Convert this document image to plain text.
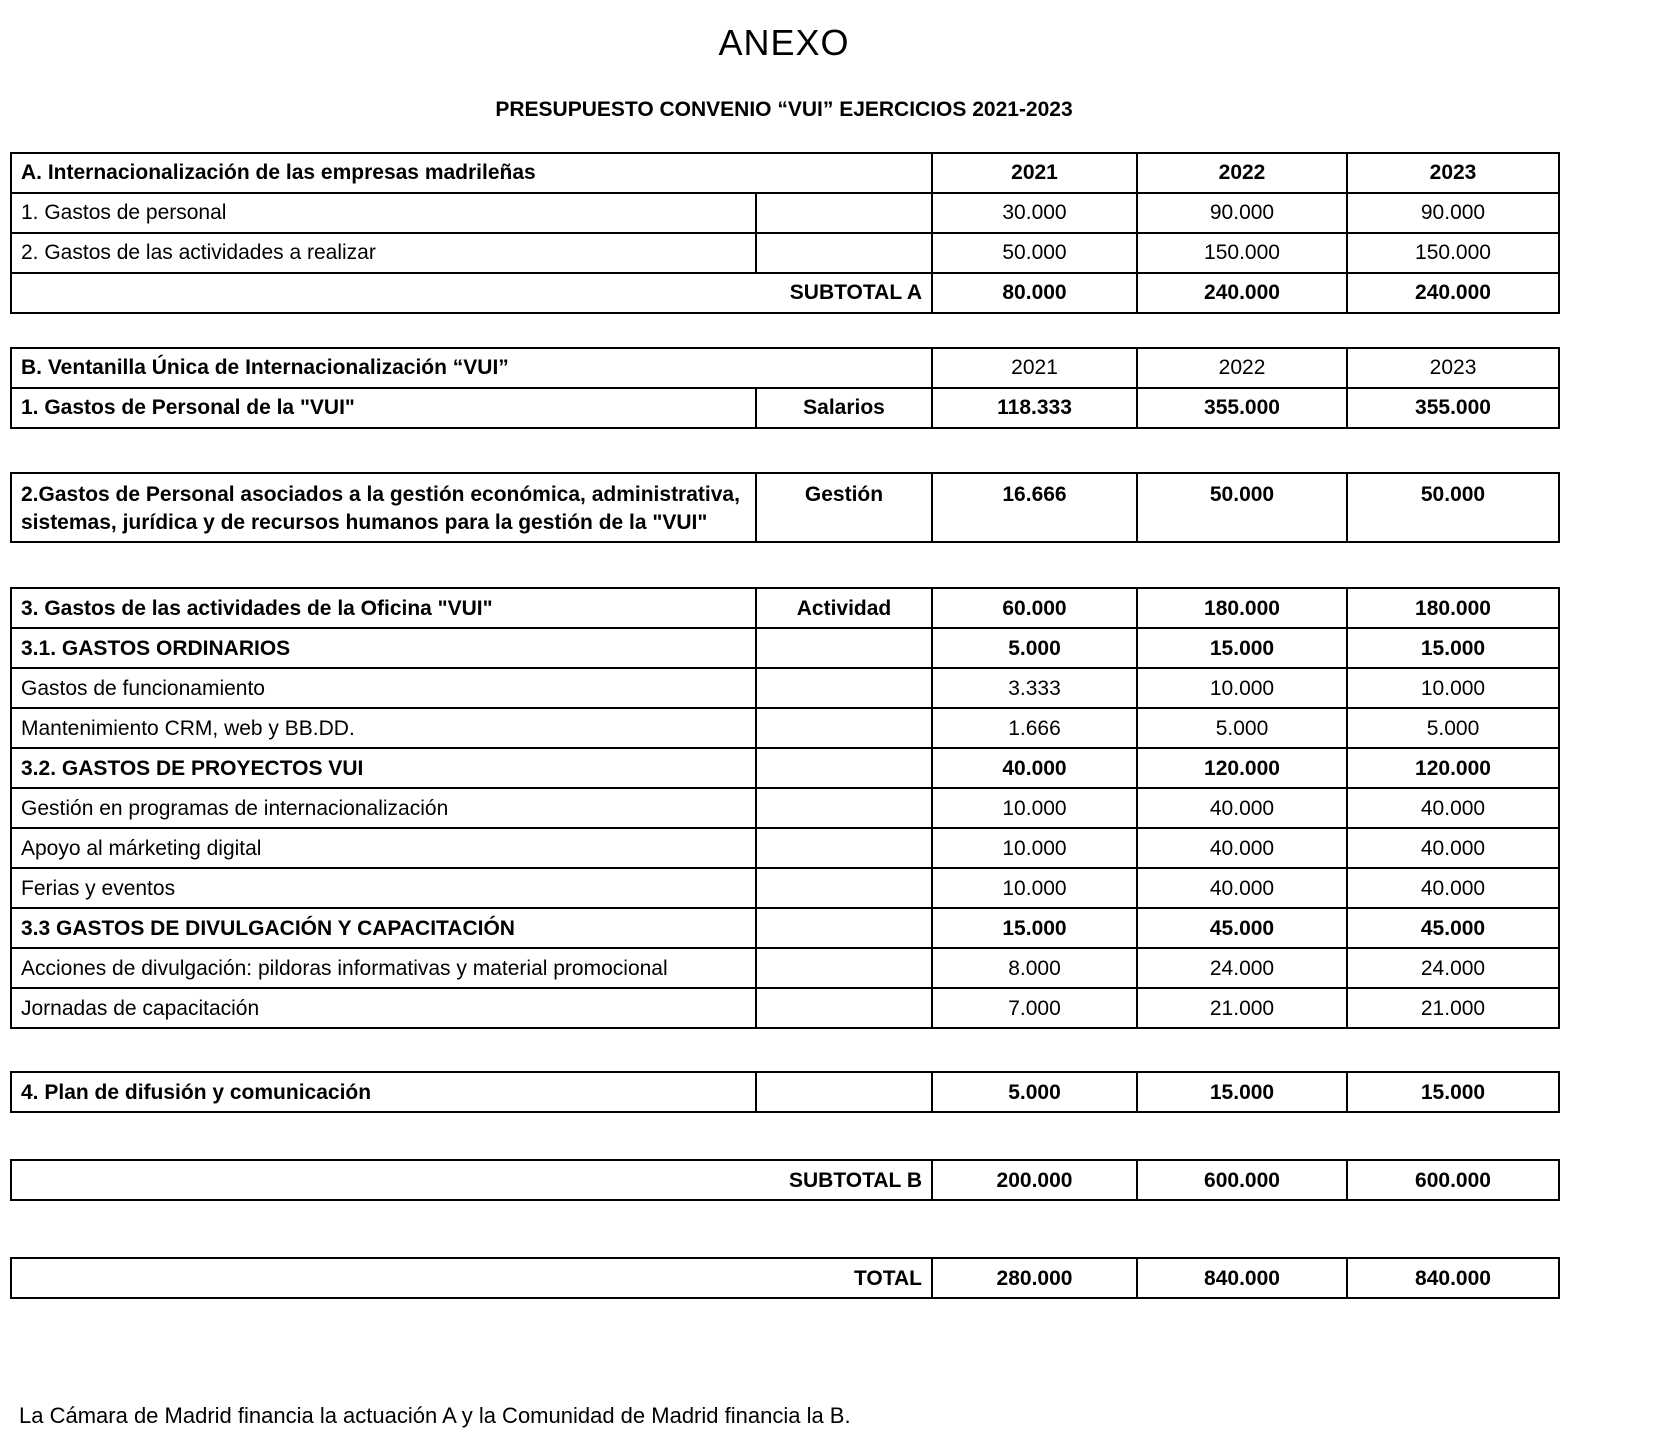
ANEXO
PRESUPUESTO CONVENIO “VUI” EJERCICIOS 2021-2023
A. Internacionalización de las empresas madrileñas		2021	2022	2023
1. Gastos de personal		30.000	90.000	90.000
2. Gastos de las actividades a realizar		50.000	150.000	150.000
SUBTOTAL A		80.000	240.000	240.000
B. Ventanilla Única de Internacionalización “VUI”		2021	2022	2023
1. Gastos de Personal de la "VUI"	Salarios	118.333	355.000	355.000
2.Gastos de Personal asociados a la gestión económica, administrativa, sistemas, jurídica y de recursos humanos para la gestión de la "VUI"	Gestión	16.666	50.000	50.000
3. Gastos de las actividades de la Oficina "VUI"	Actividad	60.000	180.000	180.000
3.1. GASTOS ORDINARIOS		5.000	15.000	15.000
Gastos de funcionamiento		3.333	10.000	10.000
Mantenimiento CRM, web y BB.DD.		1.666	5.000	5.000
3.2. GASTOS DE PROYECTOS VUI		40.000	120.000	120.000
Gestión en programas de internacionalización		10.000	40.000	40.000
Apoyo al márketing digital		10.000	40.000	40.000
Ferias y eventos		10.000	40.000	40.000
3.3 GASTOS DE DIVULGACIÓN Y CAPACITACIÓN		15.000	45.000	45.000
Acciones de divulgación: pildoras informativas y material promocional		8.000	24.000	24.000
Jornadas de capacitación		7.000	21.000	21.000
4. Plan de difusión y comunicación		5.000	15.000	15.000
SUBTOTAL B	200.000	600.000	600.000
TOTAL	280.000	840.000	840.000
La Cámara de Madrid financia la actuación A y la Comunidad de Madrid financia la B.
